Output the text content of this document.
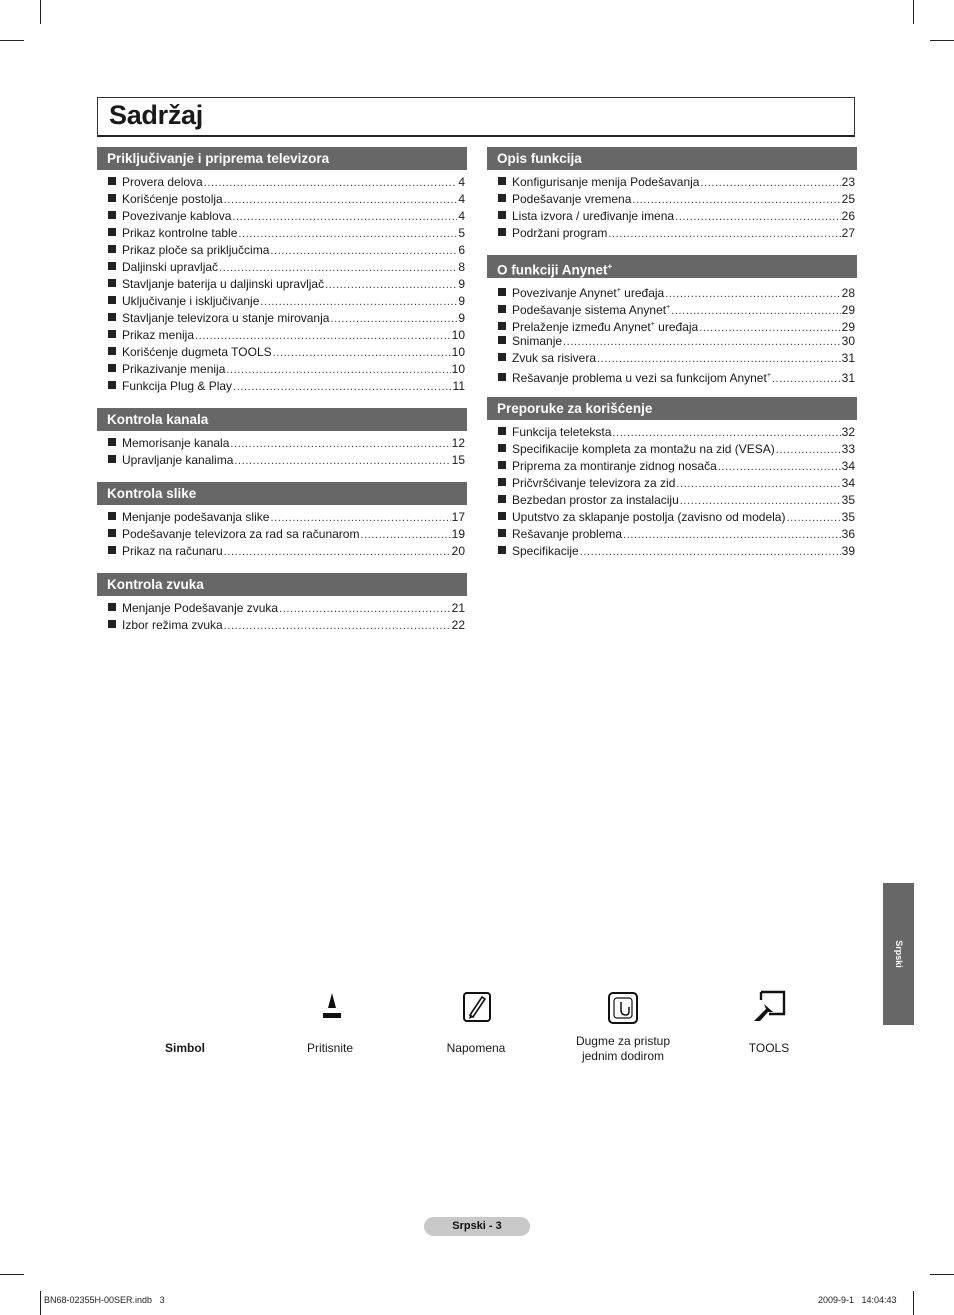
Sadržaj
Priključivanje i priprema televizora
Provera delova .....	4
Korišćenje postolja .....	4
Povezivanje kablova .....	4
Prikaz kontrolne table .....	5
Prikaz ploče sa priključcima .....	6
Daljinski upravljač .....	8
Stavljanje baterija u daljinski upravljač .....	9
Uključivanje i isključivanje .....	9
Stavljanje televizora u stanje mirovanja .....	9
Prikaz menija .....	10
Korišćenje dugmeta TOOLS .....	10
Prikazivanje menija .....	10
Funkcija Plug & Play .....	11
Kontrola kanala
Memorisanje kanala .....	12
Upravljanje kanalima .....	15
Kontrola slike
Menjanje podešavanja slike .....	17
Podešavanje televizora za rad sa računarom .....	19
Prikaz na računaru .....	20
Kontrola zvuka
Menjanje Podešavanje zvuka .....	21
Izbor režima zvuka .....	22
Opis funkcija
Konfigurisanje menija Podešavanja .....	23
Podešavanje vremena .....	25
Lista izvora / uređivanje imena .....	26
Podržani program .....	27
O funkciji Anynet+
Povezivanje Anynet+ uređaja .....	28
Podešavanje sistema Anynet+ .....	29
Prelaženje između Anynet+ uređaja .....	29
Snimanje .....	30
Zvuk sa risivera .....	31
Rešavanje problema u vezi sa funkcijom Anynet+ .....	31
Preporuke za korišćenje
Funkcija teleteksta .....	32
Specifikacije kompleta za montažu na zid (VESA) .....	33
Priprema za montiranje zidnog nosača .....	34
Pričvršćivanje televizora za zid .....	34
Bezbedan prostor za instalaciju .....	35
Uputstvo za sklapanje postolja (zavisno od modela) .....	35
Rešavanje problema .....	36
Specifikacije .....	39
Srpski
Simbol	Pritisnite	Napomena	Dugme za pristup
jednim dodirom
TOOLS
Srpski - 3
BN68-02355H-00SER.indb   3	2009-9-1   14:04:43
